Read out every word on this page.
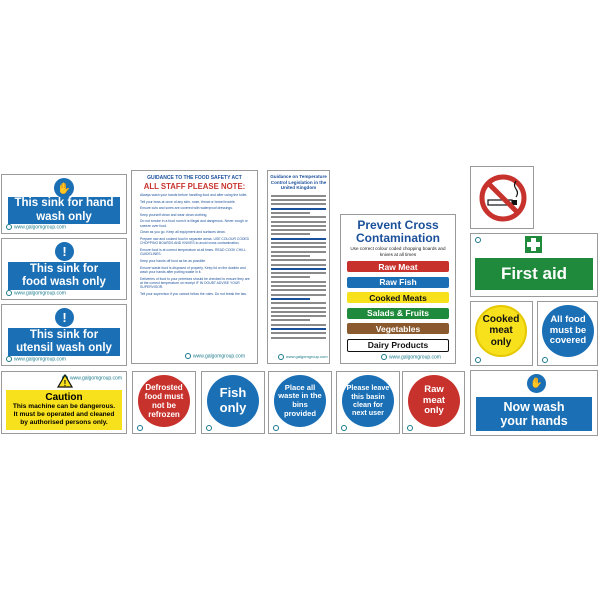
✋
This sink for hand wash only
www.galgomgroup.com
!
This sink for food wash only
www.galgomgroup.com
!
This sink for utensil wash only
www.galgomgroup.com
www.galgomgroup.com
!
Caution
This machine can be dangerous. It must be operated and cleaned by authorised persons only.
GUIDANCE TO THE FOOD SAFETY ACT
ALL STAFF PLEASE NOTE:
Always wash your hands before handling food and after using the toilet.
Tell your boss at once of any skin, nose, throat or bowel trouble.
Ensure cuts and sores are covered with waterproof dressings.
Keep yourself clean and wear clean clothing.
Do not smoke in a food room it is illegal and dangerous. Never cough or sneeze over food.
Clean as you go. Keep all equipment and surfaces clean.
Prepare raw and cooked food in separate areas. USE COLOUR CODED CHOPPING BOARDS AND KNIVES to avoid cross contamination.
Ensure food is at correct temperature at all times. READ COOK CHILL GUIDELINES.
Keep your hands off food as far as possible.
Ensure waste food is disposed of properly. Keep lid on the dustbin and wash your hands after putting waste in it.
Deliveries of food to your premises should be checked to ensure they are at the correct temperature on receipt IF IN DOUBT ADVISE YOUR SUPERVISOR.
Tell your supervisor if you cannot follow the rules. Do not break the law.
www.galgomgroup.com
Guidance on Temperature Control Legislation in the United Kingdom
www.galgomgroup.com
Prevent Cross Contamination
Use correct colour coded chopping boards and knives at all times
Raw Meat
Raw Fish
Cooked Meats
Salads & Fruits
Vegetables
Dairy Products
www.galgomgroup.com
First aid
Cooked meat only
All food must be covered
Defrosted food must not be refrozen
Fish only
Place all waste in the bins provided
Please leave this basin clean for next user
Raw meat only
✋
Now wash your hands
